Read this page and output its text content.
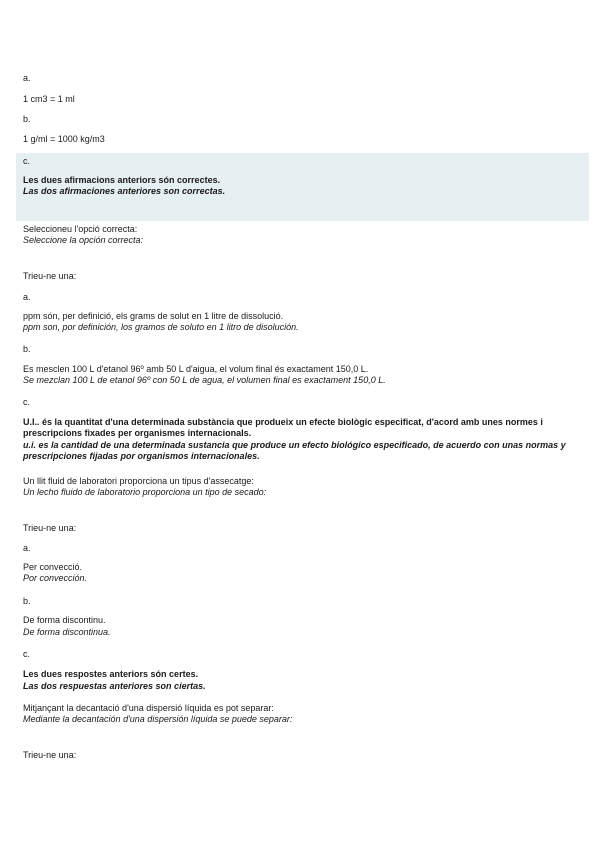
a.
1 cm3 = 1 ml
b.
1 g/ml = 1000 kg/m3
c.
Les dues afirmacions anteriors són correctes.
Las dos afirmaciones anteriores son correctas.
Seleccioneu l'opció correcta:
Seleccione la opción correcta:
Trieu-ne una:
a.
ppm són, per definició, els grams de solut en 1 litre de dissolució.
ppm son, por definición, los gramos de soluto en 1 litro de disolución.
b.
Es mesclen 100 L d'etanol 96º amb 50 L d'aigua, el volum final és exactament 150,0 L.
Se mezclan 100 L de etanol 96º con 50 L de agua, el volumen final es exactament 150,0 L.
c.
U.I.. és la quantitat d'una determinada substància que produeix un efecte biològic especificat, d'acord amb unes normes i prescripcions fixades per organismes internacionals.
u.i. es la cantidad de una determinada sustancia que produce un efecto biológico especificado, de acuerdo con unas normas y prescripciones fijadas por organismos internacionales.
Un llit fluid de laboratori proporciona un tipus d'assecatge:
Un lecho fluido de laboratorio proporciona un tipo de secado:
Trieu-ne una:
a.
Per convecció.
Por convección.
b.
De forma discontinu.
De forma discontinua.
c.
Les dues respostes anteriors són certes.
Las dos respuestas anteriores son ciertas.
Mitjançant la decantació d'una dispersió líquida es pot separar:
Mediante la decantación d'una dispersión líquida se puede separar:
Trieu-ne una:
